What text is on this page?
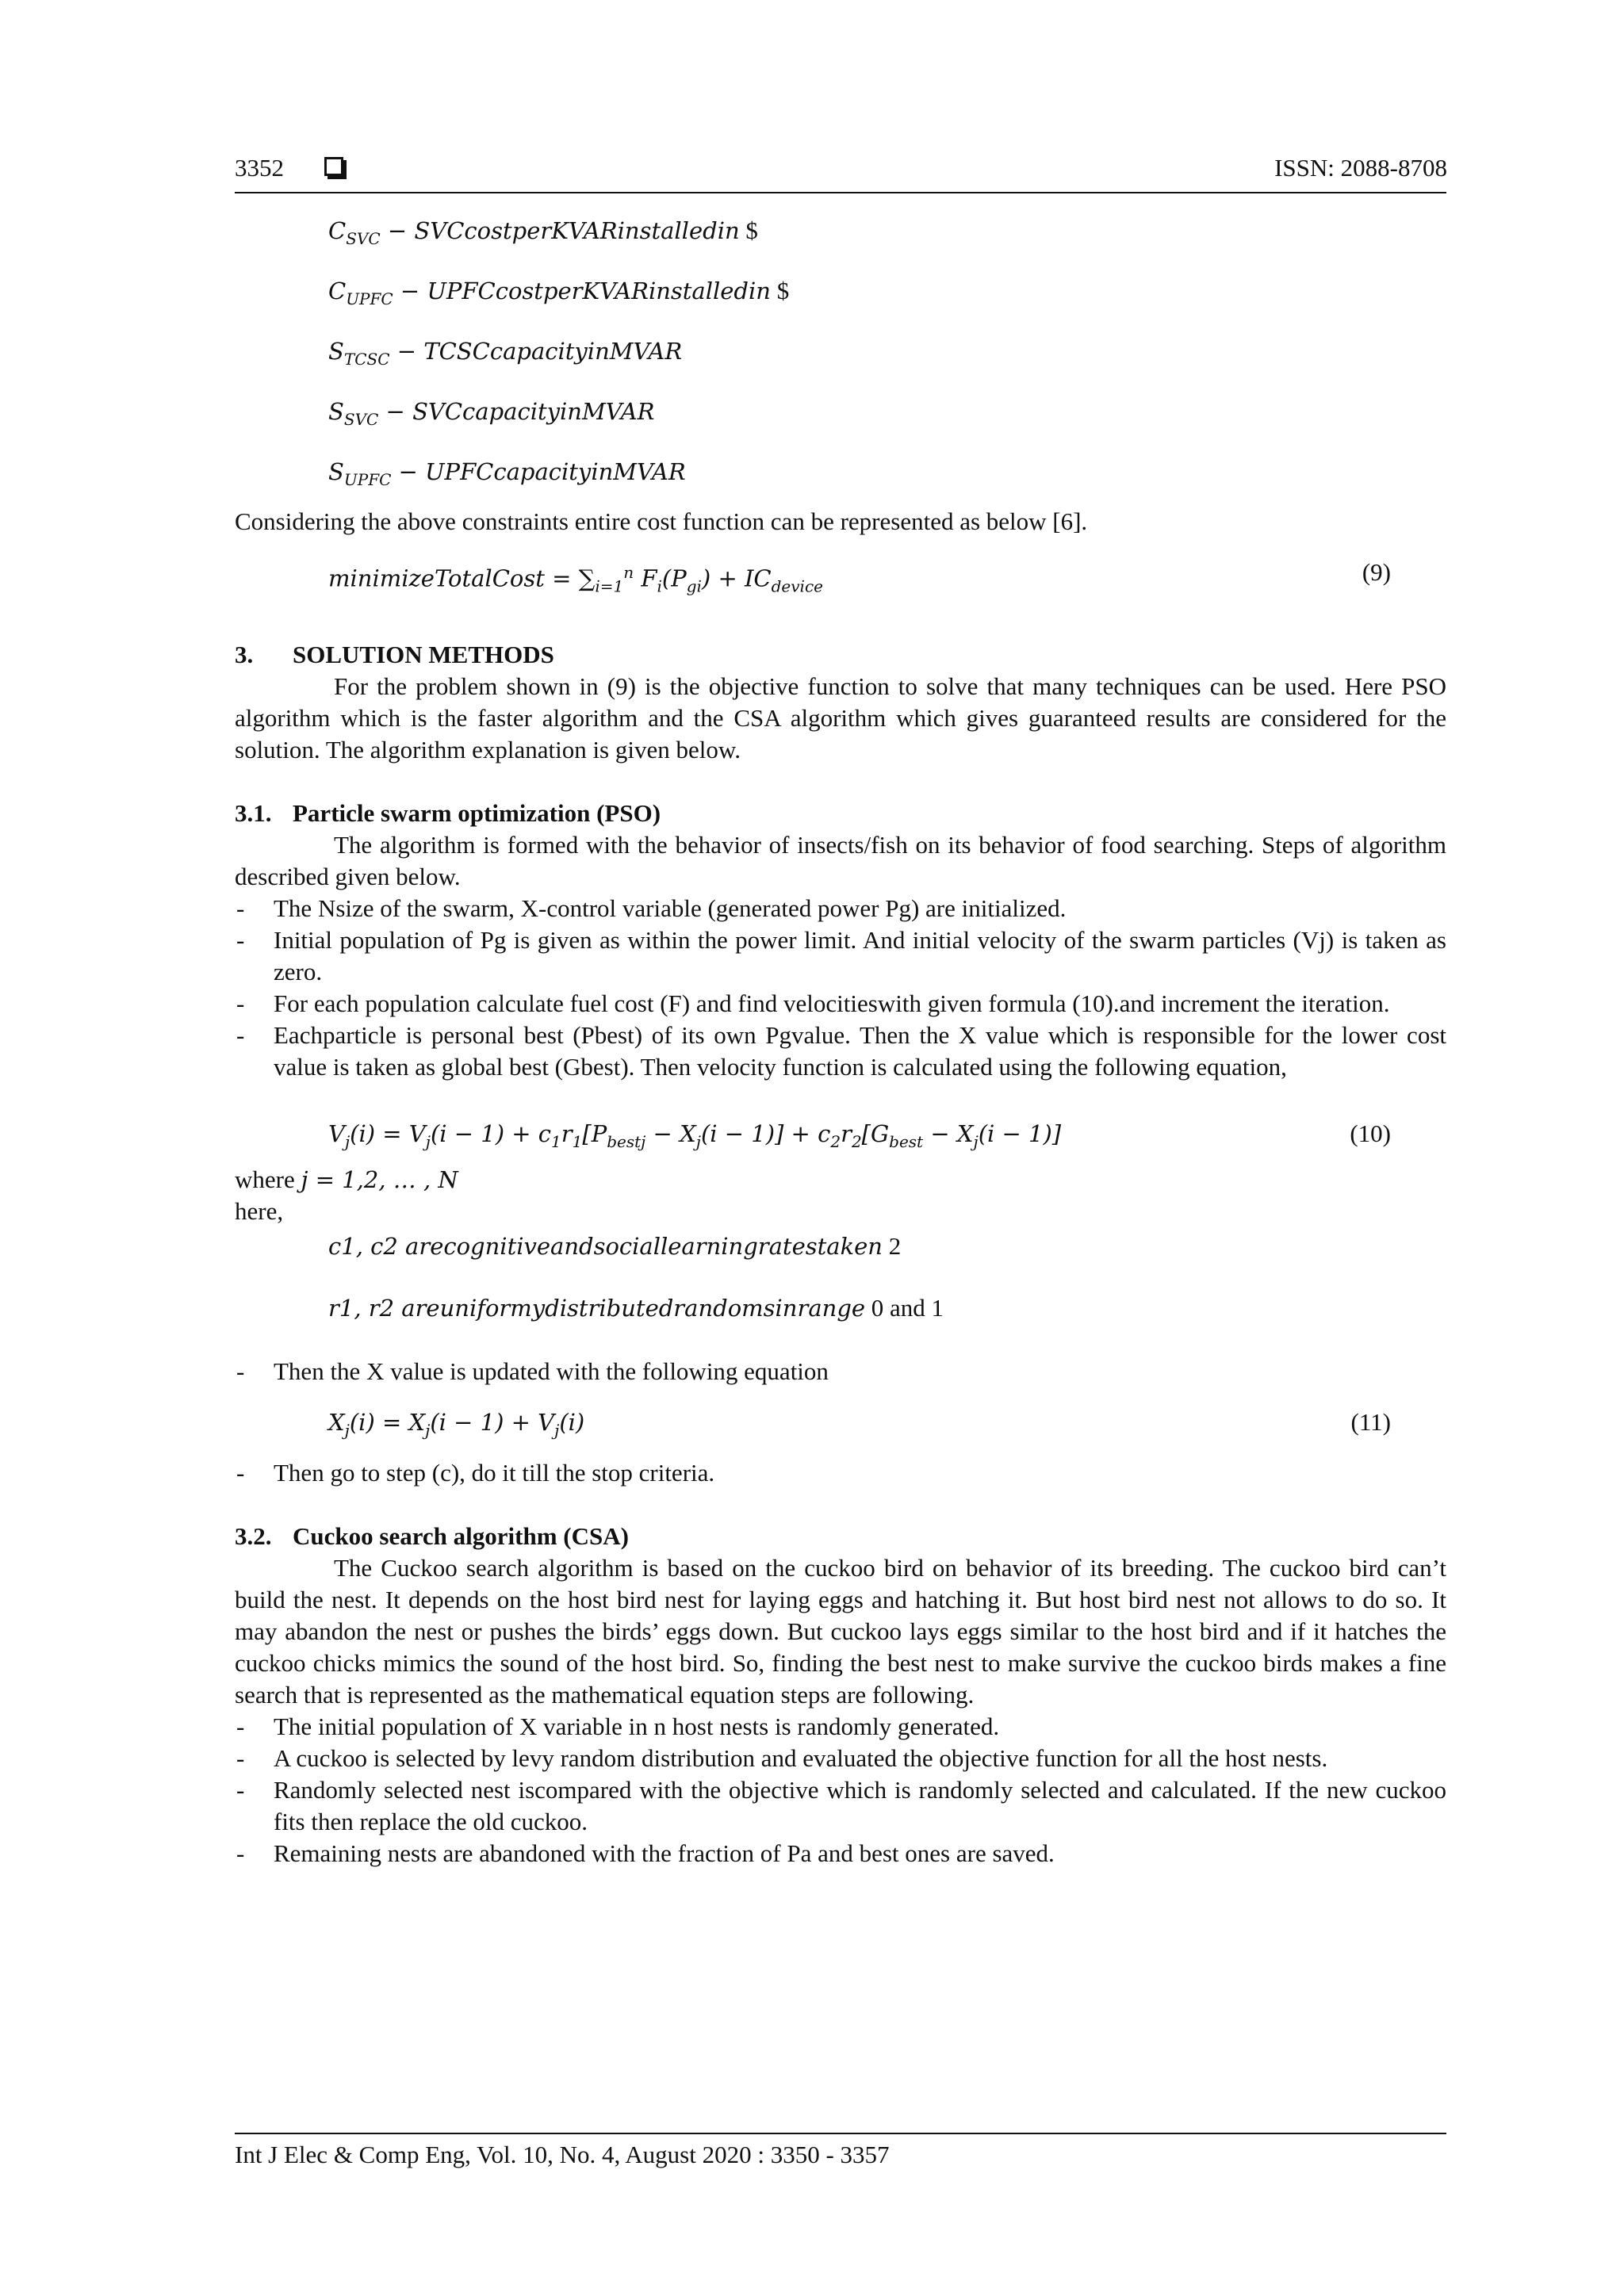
3352	ISSN: 2088-8708
$C_{SVC}$ − SVCcostperKVARinstalledin $
$C_{UPFC}$ − UPFCcostperKVARinstalledin $
$S_{TCSC}$ − TCSCcapacityinMVAR
$S_{SVC}$ − SVCcapacityinMVAR
$S_{UPFC}$ − UPFCcapacityinMVAR

Considering the above constraints entire cost function can be represented as below [6].

minimizeTotalCost = $\sum_{i=1}^n$ $F_i(P_{gi}) + IC_{device}$
(9)
3. SOLUTION METHODS

For the problem shown in (9) is the objective function to solve that many techniques can be used. Here PSO algorithm which is the faster algorithm and the CSA algorithm which gives guaranteed results are considered for the solution. The algorithm explanation is given below.

3.1. Particle swarm optimization (PSO)

The algorithm is formed with the behavior of insects/fish on its behavior of food searching. Steps of algorithm described given below.

- The Nsize of the swarm, X-control variable (generated power Pg) are initialized.
- Initial population of Pg is given as within the power limit. And initial velocity of the swarm particles (Vj) is taken as zero.
- For each population calculate fuel cost (F) and find velocitieswith given formula (10).and increment the iteration.
- Eachparticle is personal best (Pbest) of its own Pgvalue. Then the X value which is responsible for the lower cost value is taken as global best (Gbest). Then velocity function is calculated using the following equation,
$V_j(i) = V_j(i - 1) + c_1r_1[P_{bestj} - X_j(i - 1)] + c_2r_2[G_{best} - X_j(i - 1)]$	(10)
where j = 1,2, … , N
here,
c1, c2 arecognitiveandsociallearningratestaken 2
r1, r2 areuniformydistributedrandomsinrange 0 and 1
- Then the X value is updated with the following equation
$X_j(i) = X_j(i - 1) + V_j(i)$	(11)
- Then go to step (c), do it till the stop criteria.
3.2. Cuckoo search algorithm (CSA)

The Cuckoo search algorithm is based on the cuckoo bird on behavior of its breeding. The cuckoo bird can’t build the nest. It depends on the host bird nest for laying eggs and hatching it. But host bird nest not allows to do so. It may abandon the nest or pushes the birds’ eggs down. But cuckoo lays eggs similar to the host bird and if it hatches the cuckoo chicks mimics the sound of the host bird. So, finding the best nest to make survive the cuckoo birds makes a fine search that is represented as the mathematical equation steps are following.

- The initial population of X variable in n host nests is randomly generated.
- A cuckoo is selected by levy random distribution and evaluated the objective function for all the host nests.
- Randomly selected nest iscompared with the objective which is randomly selected and calculated. If the new cuckoo fits then replace the old cuckoo.
- Remaining nests are abandoned with the fraction of Pa and best ones are saved.
Int J Elec & Comp Eng, Vol. 10, No. 4, August 2020 : 3350 - 3357
